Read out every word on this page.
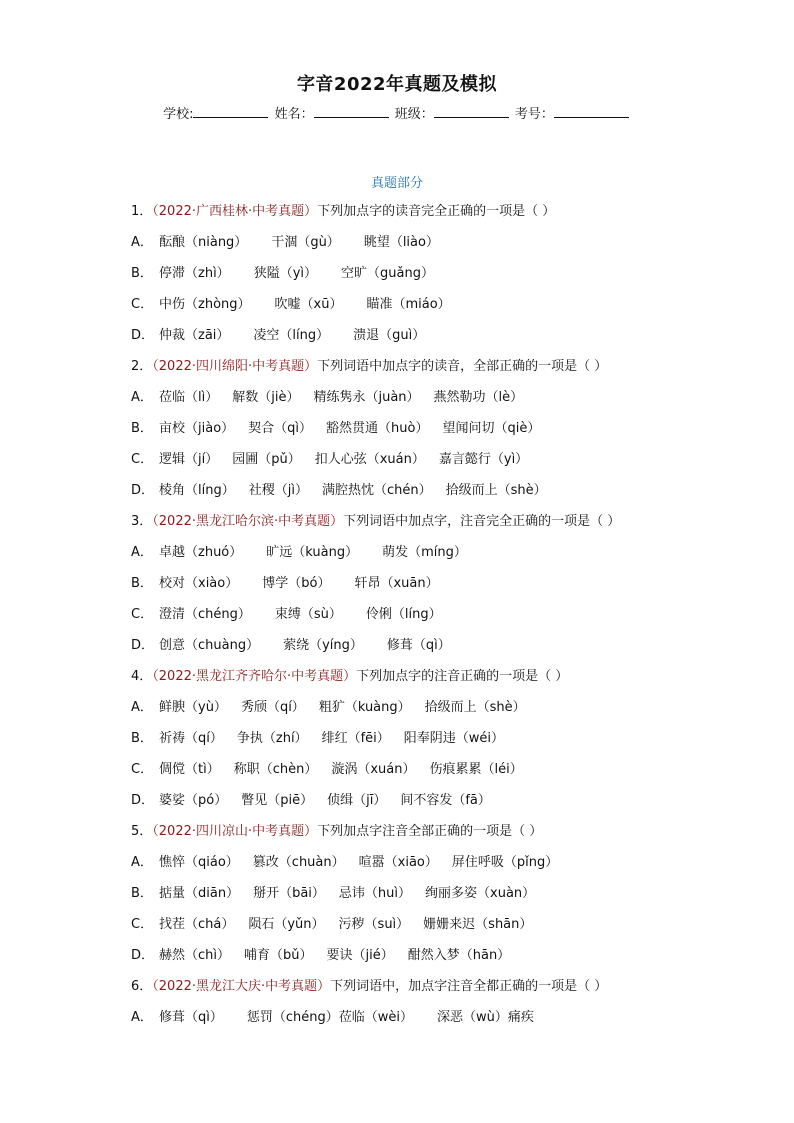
字音2022年真题及模拟
学校:	姓名：	班级：	考号：
真题部分
1．（2022·广西桂林·中考真题）下列加点字的读音完全正确的一项是（ ）
A． 酝酿（niàng） 干涸（gù） 眺望（liào）
B． 停滞（zhì） 狭隘（yì） 空旷（guǎng）
C． 中伤（zhòng） 吹嘘（xū） 瞄准（miáo）
D． 仲裁（zāi） 凌空（líng） 溃退（guì）
2．（2022·四川绵阳·中考真题）下列词语中加点字的读音，全部正确的一项是（ ）
A． 莅临（lì） 解数（jiè） 精练隽永（juàn） 燕然勒功（lè）
B． 亩校（jiào） 契合（qì） 豁然贯通（huò） 望闻问切（qiè）
C． 逻辑（jí） 园圃（pǔ） 扣人心弦（xuán） 嘉言懿行（yì）
D． 棱角（líng） 社稷（jì） 满腔热忱（chén） 拾级而上（shè）
3．（2022·黑龙江哈尔滨·中考真题）下列词语中加点字，注音完全正确的一项是（ ）
A． 卓越（zhuó） 旷远（kuàng） 萌发（míng）
B． 校对（xiào） 博学（bó） 轩昂（xuān）
C． 澄清（chéng） 束缚（sù） 伶俐（líng）
D． 创意（chuàng） 萦绕（yíng） 修葺（qì）
4．（2022·黑龙江齐齐哈尔·中考真题）下列加点字的注音正确的一项是（ ）
A． 鲜腴（yù） 秀颀（qí） 粗犷（kuàng） 拾级而上（shè）
B． 祈祷（qí） 争执（zhí） 绯红（fēi） 阳奉阴违（wéi）
C． 倜傥（tì） 称职（chèn） 漩涡（xuán） 伤痕累累（léi）
D． 婆娑（pó） 瞥见（piē） 侦缉（jī） 间不容发（fā）
5．（2022·四川凉山·中考真题）下列加点字注音全部正确的一项是（ ）
A． 憔悴（qiáo） 篡改（chuàn） 喧嚣（xiāo） 屏住呼吸（pǐng）
B． 掂量（diān） 掰开（bāi） 忌讳（huì） 绚丽多姿（xuàn）
C． 找茬（chá） 陨石（yǔn） 污秽（suì） 姗姗来迟（shān）
D． 赫然（chì） 哺育（bǔ） 要诀（jié） 酣然入梦（hān）
6．（2022·黑龙江大庆·中考真题）下列词语中，加点字注音全都正确的一项是（ ）
A． 修葺（qì） 惩罚（chéng）莅临（wèi） 深恶（wù）痛疾
